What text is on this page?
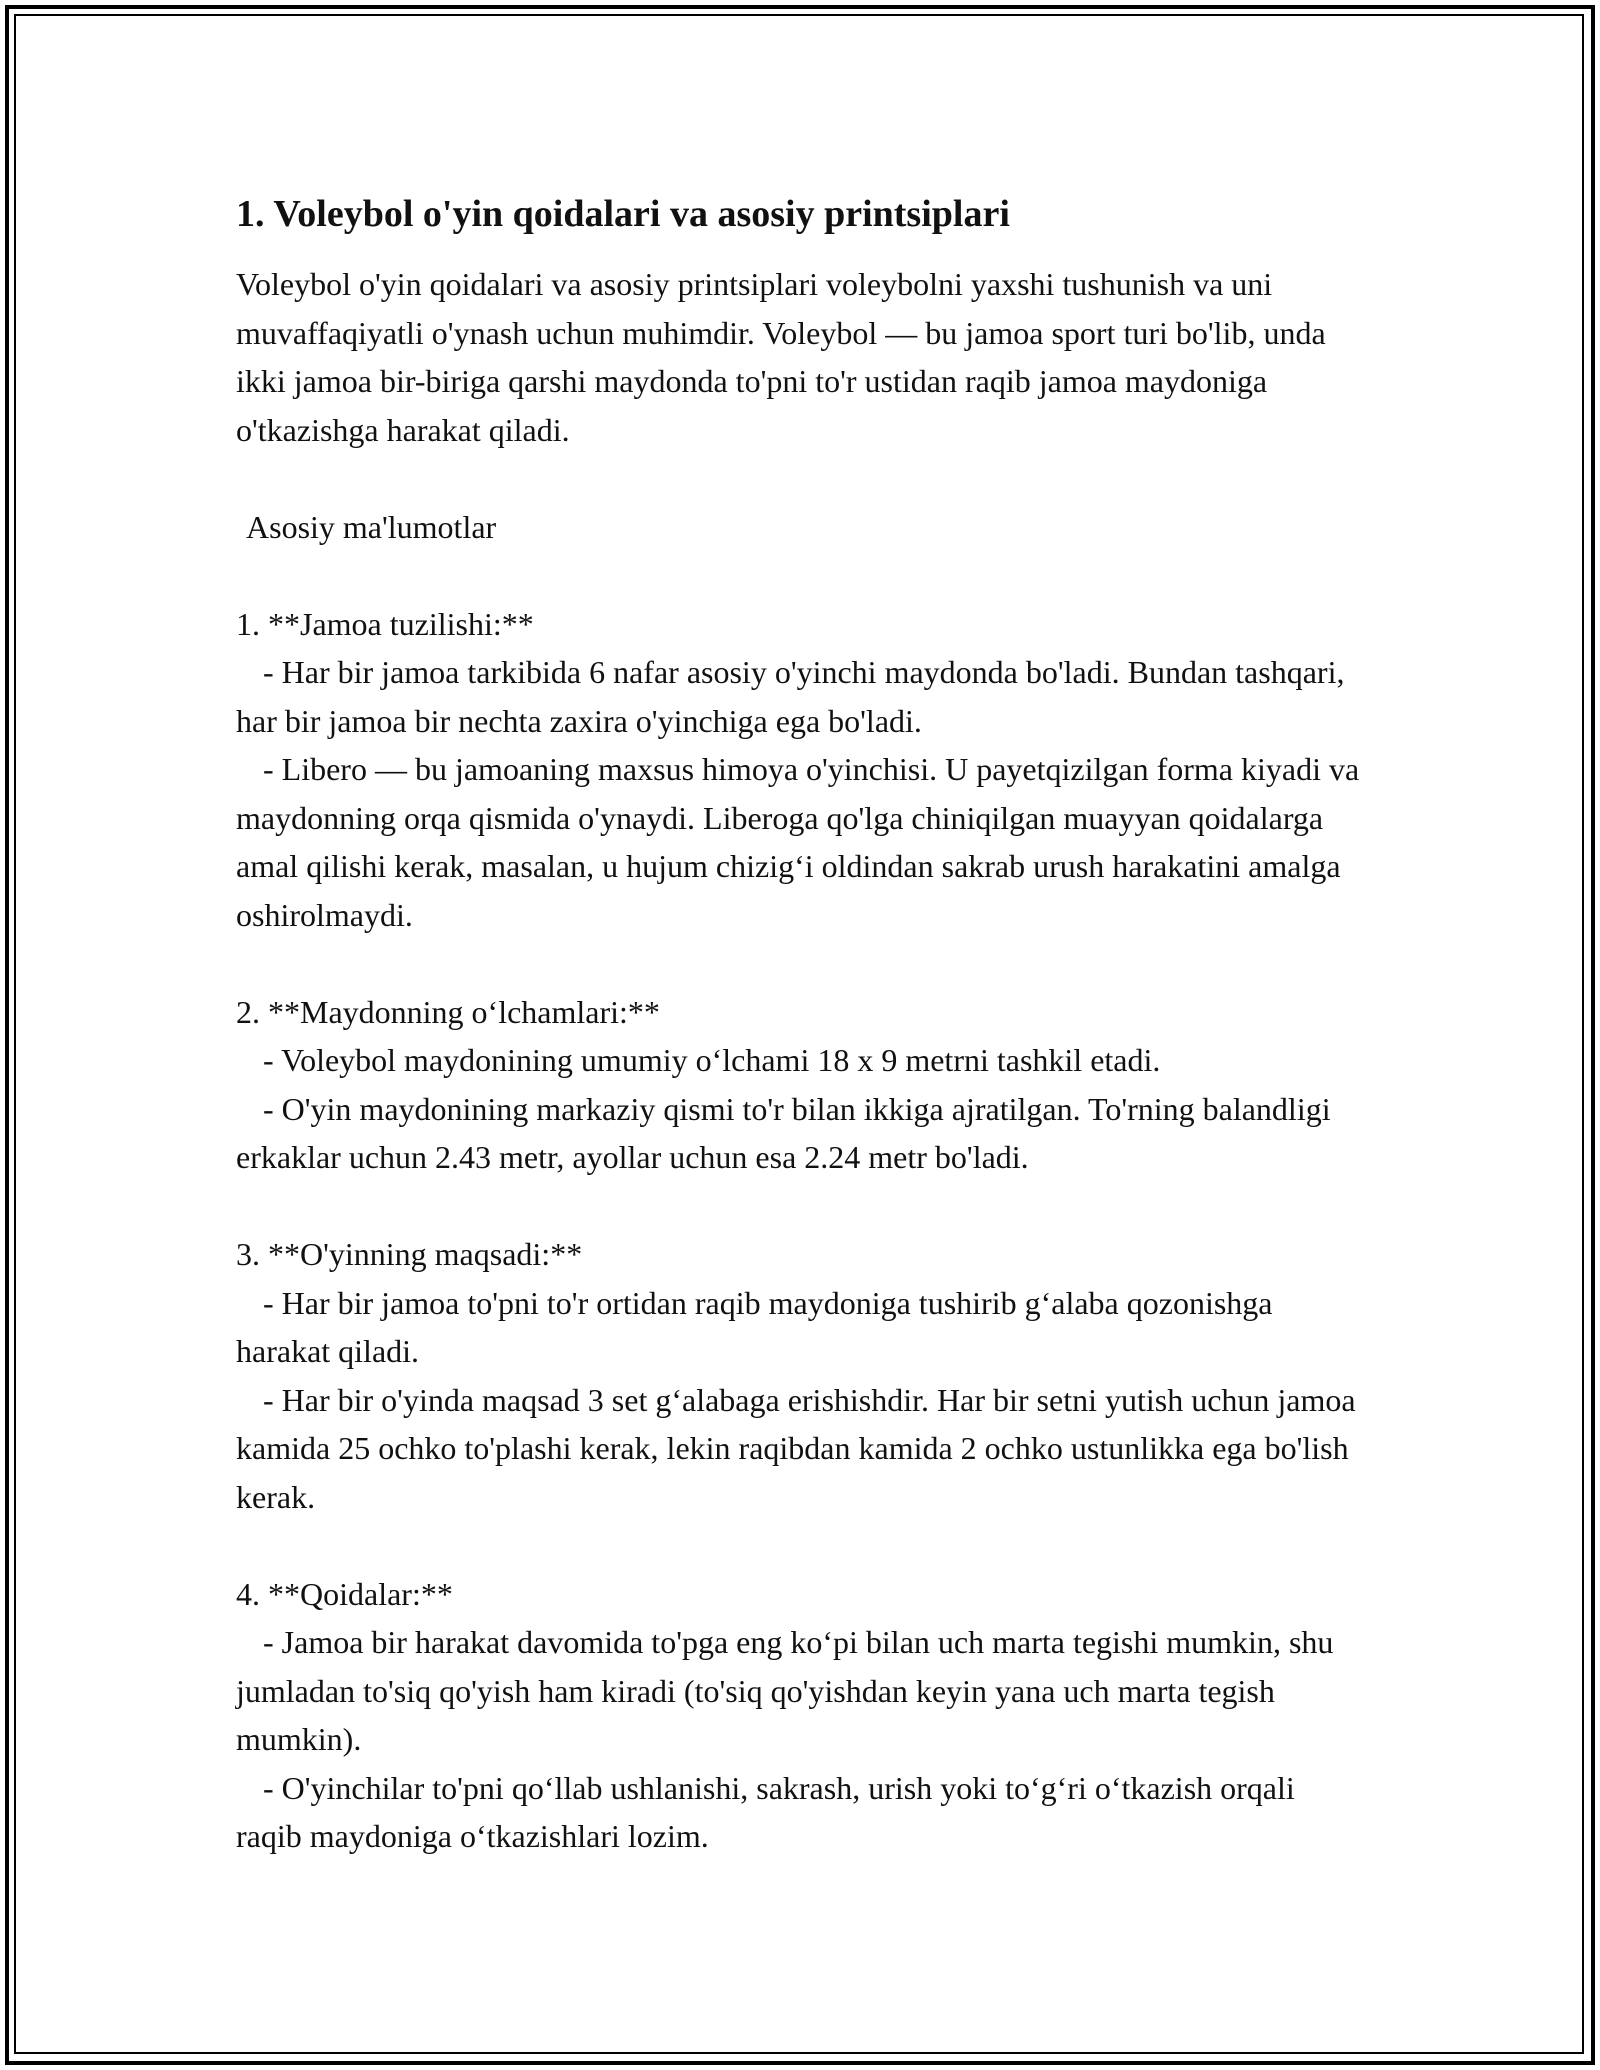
1. Voleybol o'yin qoidalari va asosiy printsiplari

Voleybol o'yin qoidalari va asosiy printsiplari voleybolni yaxshi tushunish va uni muvaffaqiyatli o'ynash uchun muhimdir. Voleybol — bu jamoa sport turi bo'lib, unda ikki jamoa bir-biriga qarshi maydonda to'pni to'r ustidan raqib jamoa maydoniga o'tkazishga harakat qiladi.

Asosiy ma'lumotlar

1. **Jamoa tuzilishi:**

- Har bir jamoa tarkibida 6 nafar asosiy o'yinchi maydonda bo'ladi. Bundan tashqari, har bir jamoa bir nechta zaxira o'yinchiga ega bo'ladi.

- Libero — bu jamoaning maxsus himoya o'yinchisi. U payetqizilgan forma kiyadi va maydonning orqa qismida o'ynaydi. Liberoga qo'lga chiniqilgan muayyan qoidalarga amal qilishi kerak, masalan, u hujum chizig‘i oldindan sakrab urush harakatini amalga oshirolmaydi.

2. **Maydonning o‘lchamlari:**

- Voleybol maydonining umumiy o‘lchami 18 x 9 metrni tashkil etadi.

- O'yin maydonining markaziy qismi to'r bilan ikkiga ajratilgan. To'rning balandligi erkaklar uchun 2.43 metr, ayollar uchun esa 2.24 metr bo'ladi.

3. **O'yinning maqsadi:**

- Har bir jamoa to'pni to'r ortidan raqib maydoniga tushirib g‘alaba qozonishga harakat qiladi.

- Har bir o'yinda maqsad 3 set g‘alabaga erishishdir. Har bir setni yutish uchun jamoa kamida 25 ochko to'plashi kerak, lekin raqibdan kamida 2 ochko ustunlikka ega bo'lish kerak.

4. **Qoidalar:**

- Jamoa bir harakat davomida to'pga eng ko‘pi bilan uch marta tegishi mumkin, shu jumladan to'siq qo'yish ham kiradi (to'siq qo'yishdan keyin yana uch marta tegish mumkin).

- O'yinchilar to'pni qo‘llab ushlanishi, sakrash, urish yoki to‘g‘ri o‘tkazish orqali raqib maydoniga o‘tkazishlari lozim.
